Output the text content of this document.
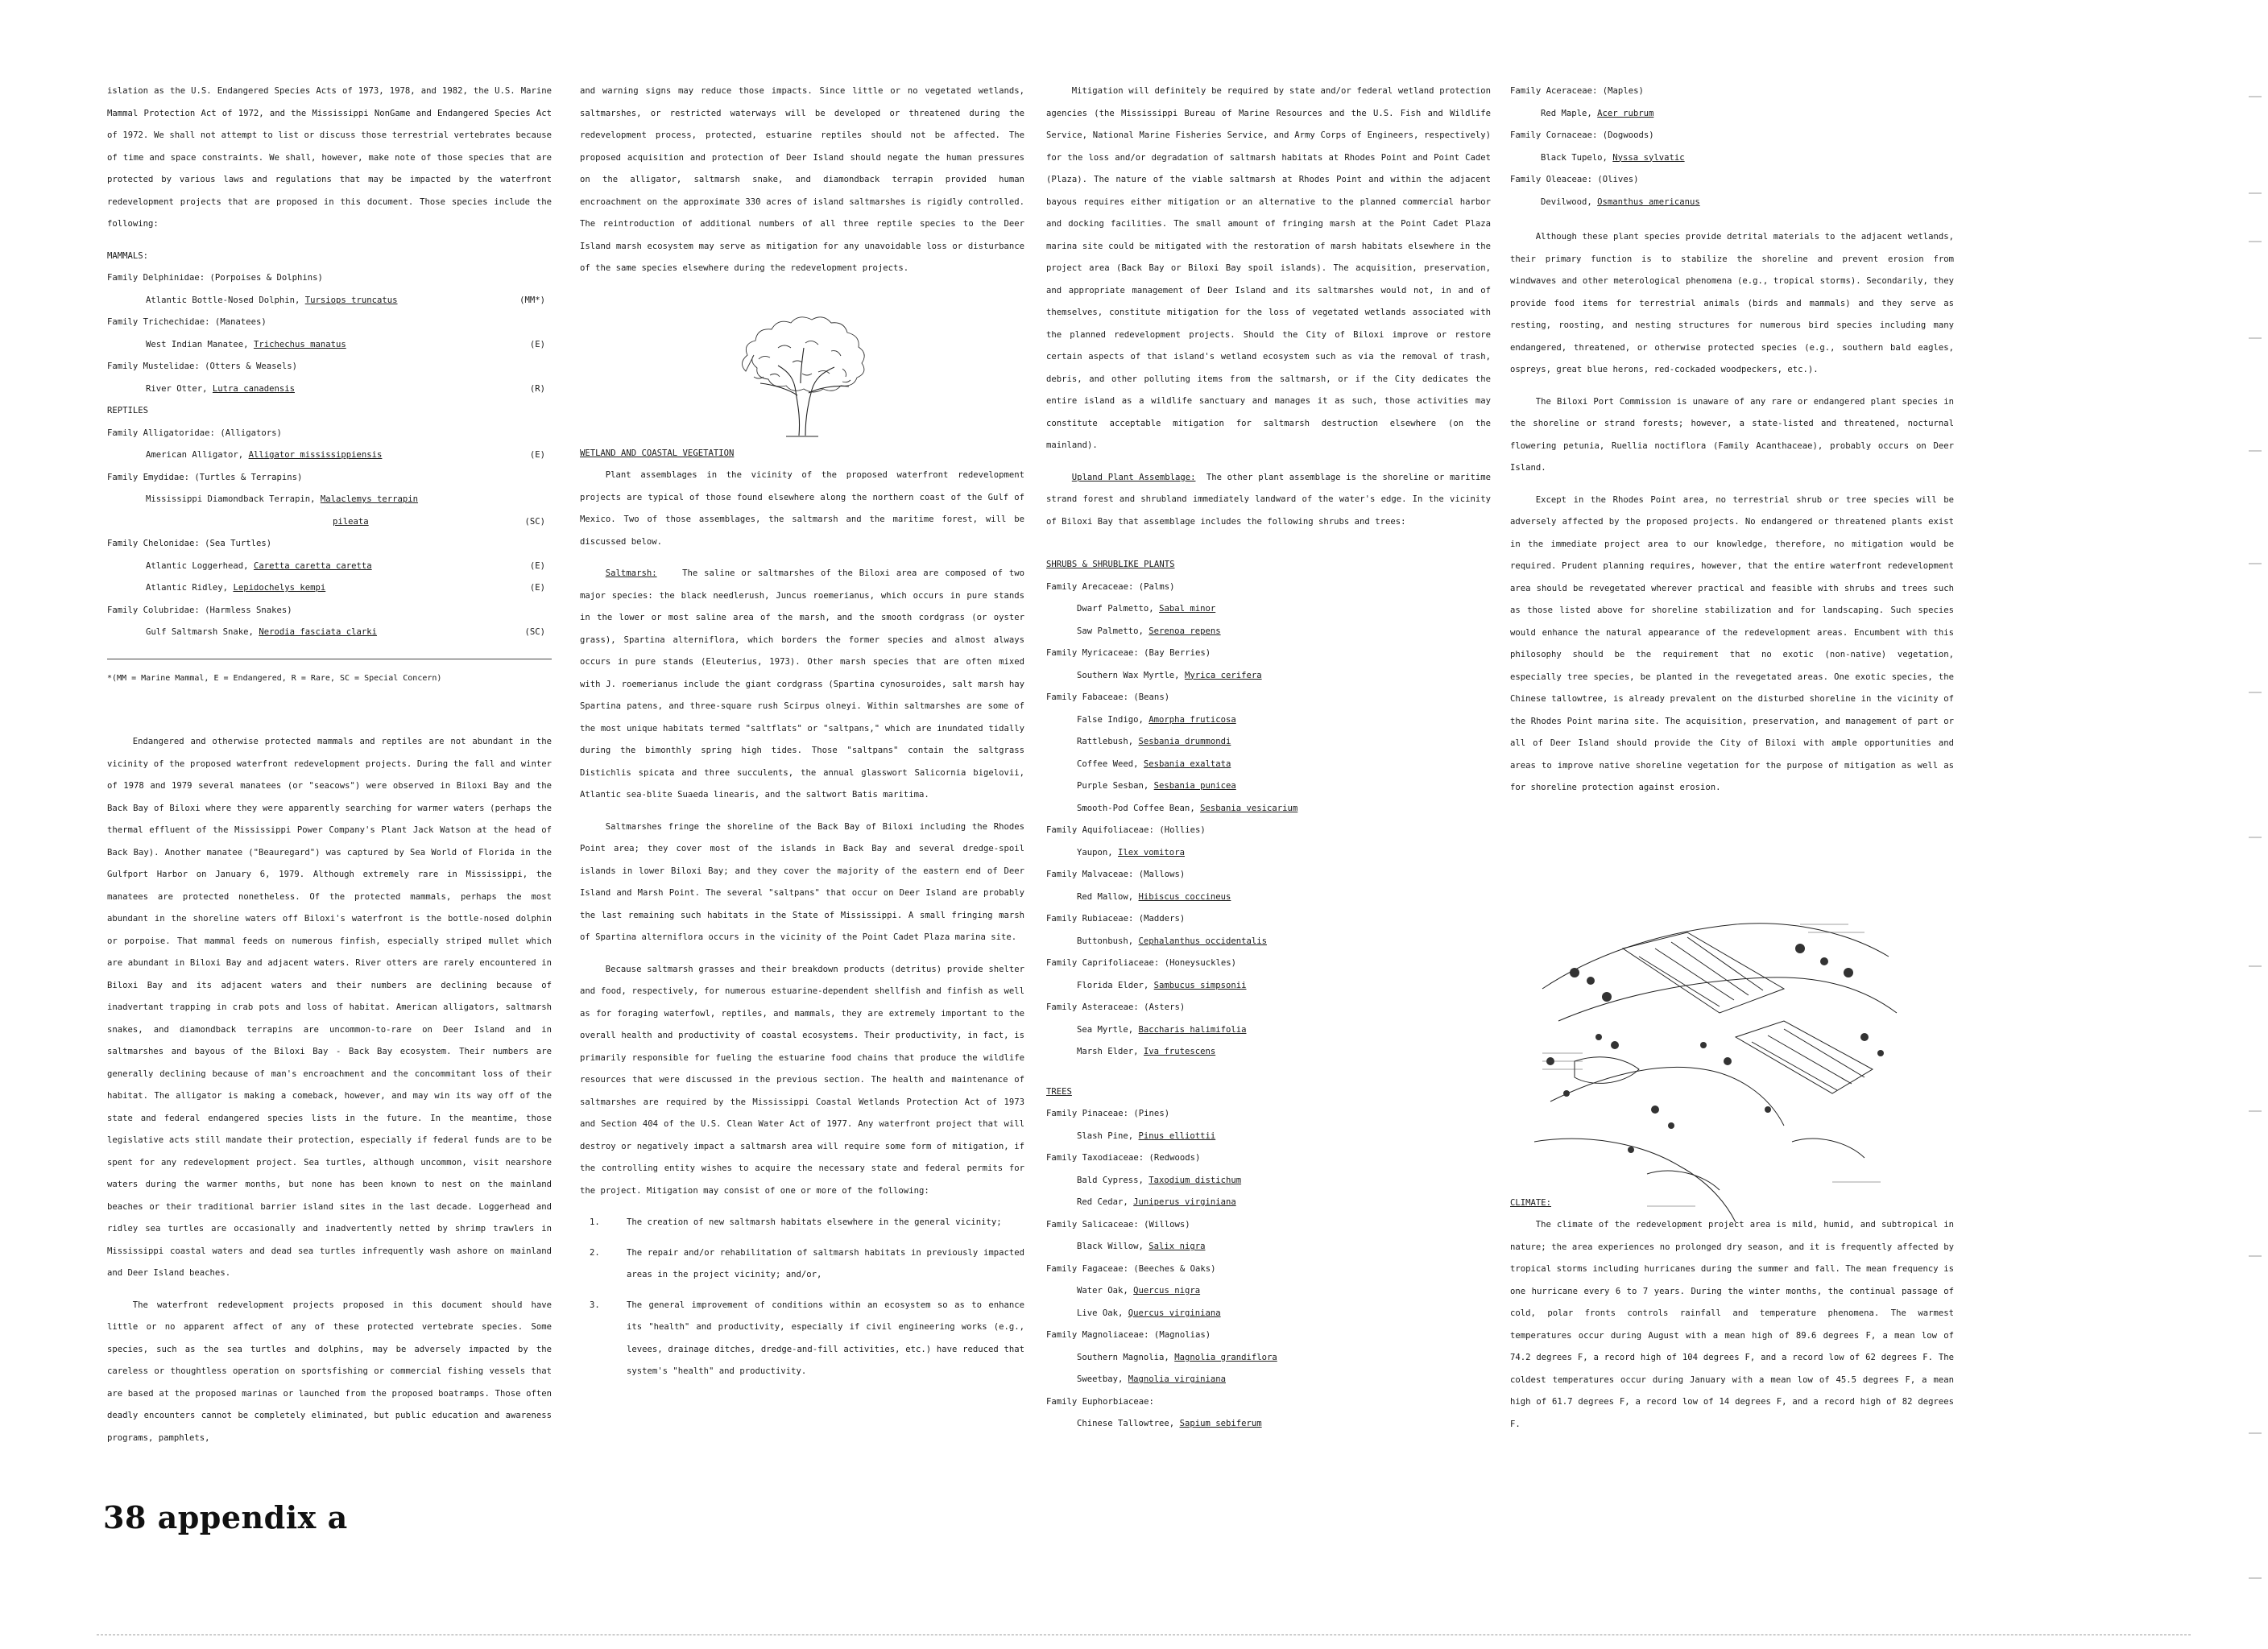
islation as the U.S. Endangered Species Acts of 1973, 1978, and 1982, the U.S. Marine Mammal Protection Act of 1972, and the Mississippi NonGame and Endangered Species Act of 1972. We shall not attempt to list or discuss those terrestrial vertebrates because of time and space constraints. We shall, however, make note of those species that are protected by various laws and regulations that may be impacted by the waterfront redevelopment projects that are proposed in this document. Those species include the following:

MAMMALS:
Family Delphinidae: (Porpoises & Dolphins)
Atlantic Bottle-Nosed Dolphin, Tursiops truncatus	(MM*)
Family Trichechidae: (Manatees)
West Indian Manatee, Trichechus manatus	(E)
Family Mustelidae: (Otters & Weasels)
River Otter, Lutra canadensis	(R)
REPTILES
Family Alligatoridae: (Alligators)
American Alligator, Alligator mississippiensis	(E)
Family Emydidae: (Turtles & Terrapins)
Mississippi Diamondback Terrapin, Malaclemys terrapin
pileata	(SC)
Family Chelonidae: (Sea Turtles)
Atlantic Loggerhead, Caretta caretta caretta	(E)
Atlantic Ridley, Lepidochelys kempi	(E)
Family Colubridae: (Harmless Snakes)
Gulf Saltmarsh Snake, Nerodia fasciata clarki	(SC)
*(MM = Marine Mammal, E = Endangered, R = Rare, SC = Special Concern)

Endangered and otherwise protected mammals and reptiles are not abundant in the vicinity of the proposed waterfront redevelopment projects. During the fall and winter of 1978 and 1979 several manatees (or "seacows") were observed in Biloxi Bay and the Back Bay of Biloxi where they were apparently searching for warmer waters (perhaps the thermal effluent of the Mississippi Power Company's Plant Jack Watson at the head of Back Bay). Another manatee ("Beauregard") was captured by Sea World of Florida in the Gulfport Harbor on January 6, 1979. Although extremely rare in Mississippi, the manatees are protected nonetheless. Of the protected mammals, perhaps the most abundant in the shoreline waters off Biloxi's waterfront is the bottle-nosed dolphin or porpoise. That mammal feeds on numerous finfish, especially striped mullet which are abundant in Biloxi Bay and adjacent waters. River otters are rarely encountered in Biloxi Bay and its adjacent waters and their numbers are declining because of inadvertant trapping in crab pots and loss of habitat. American alligators, saltmarsh snakes, and diamondback terrapins are uncommon-to-rare on Deer Island and in saltmarshes and bayous of the Biloxi Bay - Back Bay ecosystem. Their numbers are generally declining because of man's encroachment and the concommitant loss of their habitat. The alligator is making a comeback, however, and may win its way off of the state and federal endangered species lists in the future. In the meantime, those legislative acts still mandate their protection, especially if federal funds are to be spent for any redevelopment project. Sea turtles, although uncommon, visit nearshore waters during the warmer months, but none has been known to nest on the mainland beaches or their traditional barrier island sites in the last decade. Loggerhead and ridley sea turtles are occasionally and inadvertently netted by shrimp trawlers in Mississippi coastal waters and dead sea turtles infrequently wash ashore on mainland and Deer Island beaches.

The waterfront redevelopment projects proposed in this document should have little or no apparent affect of any of these protected vertebrate species. Some species, such as the sea turtles and dolphins, may be adversely impacted by the careless or thoughtless operation on sportsfishing or commercial fishing vessels that are based at the proposed marinas or launched from the proposed boatramps. Those often deadly encounters cannot be completely eliminated, but public education and awareness programs, pamphlets,

38 appendix a

and warning signs may reduce those impacts. Since little or no vegetated wetlands, saltmarshes, or restricted waterways will be developed or threatened during the redevelopment process, protected, estuarine reptiles should not be affected. The proposed acquisition and protection of Deer Island should negate the human pressures on the alligator, saltmarsh snake, and diamondback terrapin provided human encroachment on the approximate 330 acres of island saltmarshes is rigidly controlled. The reintroduction of additional numbers of all three reptile species to the Deer Island marsh ecosystem may serve as mitigation for any unavoidable loss or disturbance of the same species elsewhere during the redevelopment projects.

WETLAND AND COASTAL VEGETATION

Plant assemblages in the vicinity of the proposed waterfront redevelopment projects are typical of those found elsewhere along the northern coast of the Gulf of Mexico. Two of those assemblages, the saltmarsh and the maritime forest, will be discussed below.

Saltmarsh:	The saline or saltmarshes of the Biloxi area are composed of two major species: the black needlerush, Juncus roemerianus, which occurs in pure stands in the lower or most saline area of the marsh, and the smooth cordgrass (or oyster grass), Spartina alterniflora, which borders the former species and almost always occurs in pure stands (Eleuterius, 1973). Other marsh species that are often mixed with J. roemerianus include the giant cordgrass (Spartina cynosuroides, salt marsh hay Spartina patens, and three-square rush Scirpus olneyi. Within saltmarshes are some of the most unique habitats termed "saltflats" or "saltpans," which are inundated tidally during the bimonthly spring high tides. Those "saltpans" contain the saltgrass Distichlis spicata and three succulents, the annual glasswort Salicornia bigelovii, Atlantic sea-blite Suaeda linearis, and the saltwort Batis maritima.

Saltmarshes fringe the shoreline of the Back Bay of Biloxi including the Rhodes Point area; they cover most of the islands in Back Bay and several dredge-spoil islands in lower Biloxi Bay; and they cover the majority of the eastern end of Deer Island and Marsh Point. The several "saltpans" that occur on Deer Island are probably the last remaining such habitats in the State of Mississippi. A small fringing marsh of Spartina alterniflora occurs in the vicinity of the Point Cadet Plaza marina site.

Because saltmarsh grasses and their breakdown products (detritus) provide shelter and food, respectively, for numerous estuarine-dependent shellfish and finfish as well as for foraging waterfowl, reptiles, and mammals, they are extremely important to the overall health and productivity of coastal ecosystems. Their productivity, in fact, is primarily responsible for fueling the estuarine food chains that produce the wildlife resources that were discussed in the previous section. The health and maintenance of saltmarshes are required by the Mississippi Coastal Wetlands Protection Act of 1973 and Section 404 of the U.S. Clean Water Act of 1977. Any waterfront project that will destroy or negatively impact a saltmarsh area will require some form of mitigation, if the controlling entity wishes to acquire the necessary state and federal permits for the project. Mitigation may consist of one or more of the following:

1.	The creation of new saltmarsh habitats elsewhere in the general vicinity;
2.	The repair and/or rehabilitation of saltmarsh habitats in previously impacted areas in the project vicinity; and/or,
3.	The general improvement of conditions within an ecosystem so as to enhance its "health" and productivity, especially if civil engineering works (e.g., levees, drainage ditches, dredge-and-fill activities, etc.) have reduced that system's "health" and productivity.

Mitigation will definitely be required by state and/or federal wetland protection agencies (the Mississippi Bureau of Marine Resources and the U.S. Fish and Wildlife Service, National Marine Fisheries Service, and Army Corps of Engineers, respectively) for the loss and/or degradation of saltmarsh habitats at Rhodes Point and Point Cadet (Plaza). The nature of the viable saltmarsh at Rhodes Point and within the adjacent bayous requires either mitigation or an alternative to the planned commercial harbor and docking facilities. The small amount of fringing marsh at the Point Cadet Plaza marina site could be mitigated with the restoration of marsh habitats elsewhere in the project area (Back Bay or Biloxi Bay spoil islands). The acquisition, preservation, and appropriate management of Deer Island and its saltmarshes would not, in and of themselves, constitute mitigation for the loss of vegetated wetlands associated with the planned redevelopment projects. Should the City of Biloxi improve or restore certain aspects of that island's wetland ecosystem such as via the removal of trash, debris, and other polluting items from the saltmarsh, or if the City dedicates the entire island as a wildlife sanctuary and manages it as such, those activities may constitute acceptable mitigation for saltmarsh destruction elsewhere (on the mainland).

Upland Plant Assemblage: The other plant assemblage is the shoreline or maritime strand forest and shrubland immediately landward of the water's edge. In the vicinity of Biloxi Bay that assemblage includes the following shrubs and trees:

SHRUBS & SHRUBLIKE PLANTS
Family Arecaceae: (Palms)
Dwarf Palmetto, Sabal minor
Saw Palmetto, Serenoa repens
Family Myricaceae: (Bay Berries)
Southern Wax Myrtle, Myrica cerifera
Family Fabaceae: (Beans)
False Indigo, Amorpha fruticosa
Rattlebush, Sesbania drummondi
Coffee Weed, Sesbania exaltata
Purple Sesban, Sesbania punicea
Smooth-Pod Coffee Bean, Sesbania vesicarium
Family Aquifoliaceae: (Hollies)
Yaupon, Ilex vomitora
Family Malvaceae: (Mallows)
Red Mallow, Hibiscus coccineus
Family Rubiaceae: (Madders)
Buttonbush, Cephalanthus occidentalis
Family Caprifoliaceae: (Honeysuckles)
Florida Elder, Sambucus simpsonii
Family Asteraceae: (Asters)
Sea Myrtle, Baccharis halimifolia
Marsh Elder, Iva frutescens
TREES
Family Pinaceae: (Pines)
Slash Pine, Pinus elliottii
Family Taxodiaceae: (Redwoods)
Bald Cypress, Taxodium distichum
Red Cedar, Juniperus virginiana
Family Salicaceae: (Willows)
Black Willow, Salix nigra
Family Fagaceae: (Beeches & Oaks)
Water Oak, Quercus nigra
Live Oak, Quercus virginiana
Family Magnoliaceae: (Magnolias)
Southern Magnolia, Magnolia grandiflora
Sweetbay, Magnolia virginiana
Family Euphorbiaceae:
Chinese Tallowtree, Sapium sebiferum
Family Aceraceae: (Maples)
Red Maple, Acer rubrum
Family Cornaceae: (Dogwoods)
Black Tupelo, Nyssa sylvatic
Family Oleaceae: (Olives)
Devilwood, Osmanthus americanus

Although these plant species provide detrital materials to the adjacent wetlands, their primary function is to stabilize the shoreline and prevent erosion from windwaves and other meterological phenomena (e.g., tropical storms). Secondarily, they provide food items for terrestrial animals (birds and mammals) and they serve as resting, roosting, and nesting structures for numerous bird species including many endangered, threatened, or otherwise protected species (e.g., southern bald eagles, ospreys, great blue herons, red-cockaded woodpeckers, etc.).

The Biloxi Port Commission is unaware of any rare or endangered plant species in the shoreline or strand forests; however, a state-listed and threatened, nocturnal flowering petunia, Ruellia noctiflora (Family Acanthaceae), probably occurs on Deer Island.

Except in the Rhodes Point area, no terrestrial shrub or tree species will be adversely affected by the proposed projects. No endangered or threatened plants exist in the immediate project area to our knowledge, therefore, no mitigation would be required. Prudent planning requires, however, that the entire waterfront redevelopment area should be revegetated wherever practical and feasible with shrubs and trees such as those listed above for shoreline stabilization and for landscaping. Such species would enhance the natural appearance of the redevelopment areas. Encumbent with this philosophy should be the requirement that no exotic (non-native) vegetation, especially tree species, be planted in the revegetated areas. One exotic species, the Chinese tallowtree, is already prevalent on the disturbed shoreline in the vicinity of the Rhodes Point marina site. The acquisition, preservation, and management of part or all of Deer Island should provide the City of Biloxi with ample opportunities and areas to improve native shoreline vegetation for the purpose of mitigation as well as for shoreline protection against erosion.

CLIMATE:

The climate of the redevelopment project area is mild, humid, and subtropical in nature; the area experiences no prolonged dry season, and it is frequently affected by tropical storms including hurricanes during the summer and fall. The mean frequency is one hurricane every 6 to 7 years. During the winter months, the continual passage of cold, polar fronts controls rainfall and temperature phenomena. The warmest temperatures occur during August with a mean high of 89.6 degrees F, a mean low of 74.2 degrees F, a record high of 104 degrees F, and a record low of 62 degrees F. The coldest temperatures occur during January with a mean low of 45.5 degrees F, a mean high of 61.7 degrees F, a record low of 14 degrees F, and a record high of 82 degrees F.
